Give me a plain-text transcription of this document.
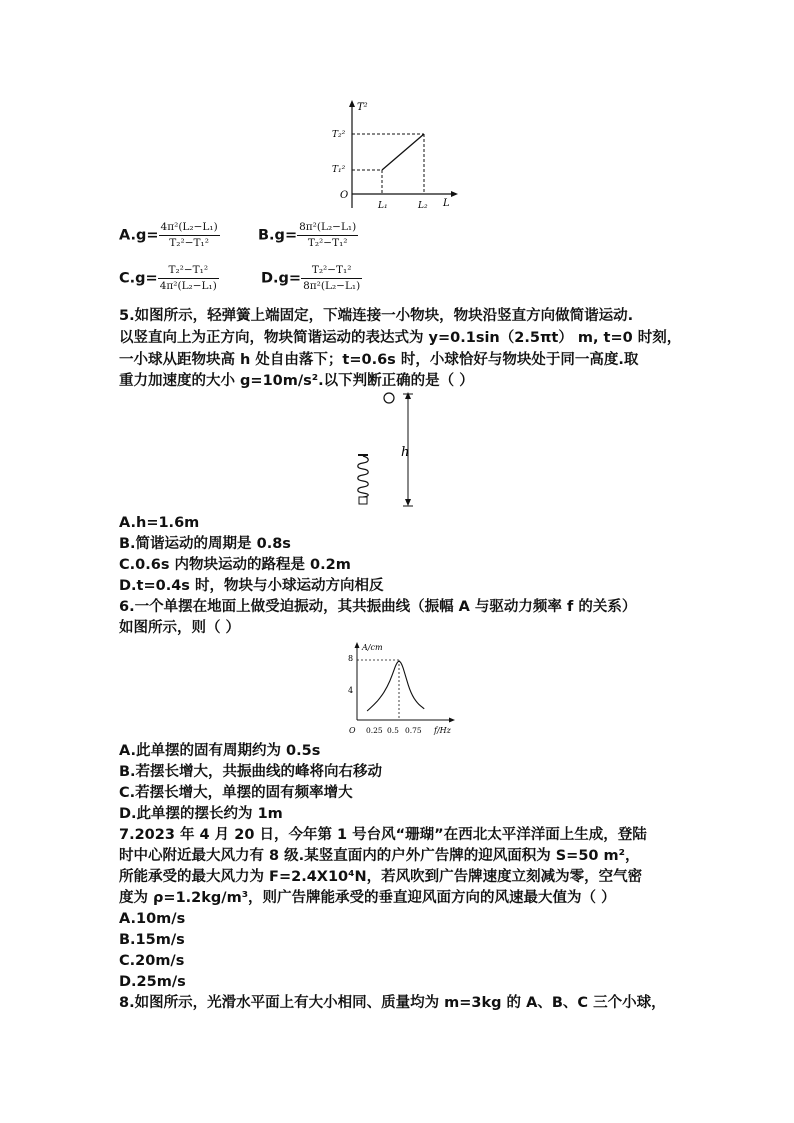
T²
L
O
T₂²
T₁²
L₁	L₂
$A.g= \frac{\text{4π²(L₂−L₁)}}{\text{T₂²−T₁²}}$	$B.g= \frac{\text{8π²(L₂−L₁)}}{\text{T₂²−T₁²}}$
$C.g= \frac{\text{T₂²−T₁²}}{\text{4π²(L₂−L₁)}}$	$D.g= \frac{\text{T₂²−T₁²}}{\text{8π²(L₂−L₁)}}$
5.如图所示，轻弹簧上端固定，下端连接一小物块，物块沿竖直方向做简谐运动.
以竖直向上为正方向，物块简谐运动的表达式为 y=0.1sin（2.5πt） m, t=0 时刻，
一小球从距物块高 h 处自由落下；t=0.6s 时，小球恰好与物块处于同一高度.取
重力加速度的大小 g=10m/s².以下判断正确的是（ ）
h
A.h=1.6m
B.简谐运动的周期是 0.8s
C.0.6s 内物块运动的路程是 0.2m
D.t=0.4s 时，物块与小球运动方向相反
6.一个单摆在地面上做受迫振动，其共振曲线（振幅 A 与驱动力频率 f 的关系）
如图所示，则（ ）
A/cm
f/Hz
O
8
4
0.25 0.5 0.75
A.此单摆的固有周期约为 0.5s
B.若摆长增大，共振曲线的峰将向右移动
C.若摆长增大，单摆的固有频率增大
D.此单摆的摆长约为 1m
7.2023 年 4 月 20 日，今年第 1 号台风“珊瑚”在西北太平洋洋面上生成，登陆
时中心附近最大风力有 8 级.某竖直面内的户外广告牌的迎风面积为 S=50 m²，
所能承受的最大风力为 F=2.4X10⁴N，若风吹到广告牌速度立刻减为零，空气密
度为 ρ=1.2kg/m³，则广告牌能承受的垂直迎风面方向的风速最大值为（ ）
A.10m/s
B.15m/s
C.20m/s
D.25m/s
8.如图所示，光滑水平面上有大小相同、质量均为 m=3kg 的 A、B、C 三个小球，
